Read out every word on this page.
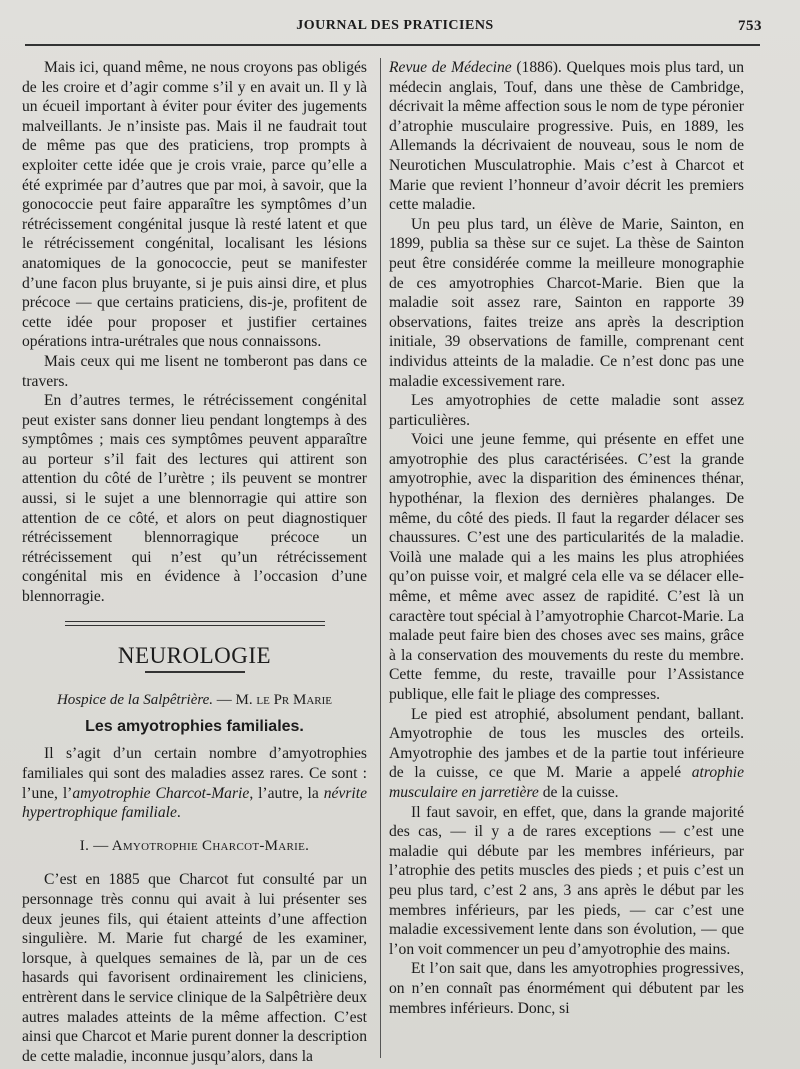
JOURNAL DES PRATICIENS	753

Mais ici, quand même, ne nous croyons pas obligés de les croire et d’agir comme s’il y en avait un. Il y là un écueil important à éviter pour éviter des jugements malveillants. Je n’insiste pas. Mais il ne faudrait tout de même pas que des praticiens, trop prompts à exploiter cette idée que je crois vraie, parce qu’elle a été exprimée par d’autres que par moi, à savoir, que la gonococcie peut faire apparaître les symptômes d’un rétrécissement congénital jusque là resté latent et que le rétrécissement congénital, localisant les lésions anatomiques de la gonococcie, peut se manifester d’une facon plus bruyante, si je puis ainsi dire, et plus précoce — que certains praticiens, dis-je, profitent de cette idée pour proposer et justifier certaines opérations intra-urétrales que nous connaissons.

Mais ceux qui me lisent ne tomberont pas dans ce travers.

En d’autres termes, le rétrécissement congénital peut exister sans donner lieu pendant longtemps à des symptômes ; mais ces symptômes peuvent apparaître au porteur s’il fait des lectures qui attirent son attention du côté de l’urètre ; ils peuvent se montrer aussi, si le sujet a une blennorragie qui attire son attention de ce côté, et alors on peut diagnostiquer rétrécissement blennorragique précoce un rétrécissement qui n’est qu’un rétrécissement congénital mis en évidence à l’occasion d’une blennorragie.

NEUROLOGIE
Hospice de la Salpêtrière. — M. le Pr Marie
Les amyotrophies familiales.

Il s’agit d’un certain nombre d’amyotrophies familiales qui sont des maladies assez rares. Ce sont : l’une, l’amyotrophie Charcot-Marie, l’autre, la névrite hypertrophique familiale.

I. — Amyotrophie Charcot-Marie.

C’est en 1885 que Charcot fut consulté par un personnage très connu qui avait à lui présenter ses deux jeunes fils, qui étaient atteints d’une affection singulière. M. Marie fut chargé de les examiner, lorsque, à quelques semaines de là, par un de ces hasards qui favorisent ordinairement les cliniciens, entrèrent dans le service clinique de la Salpêtrière deux autres malades atteints de la même affection. C’est ainsi que Charcot et Marie purent donner la description de cette maladie, inconnue jusqu’alors, dans la

Revue de Médecine (1886). Quelques mois plus tard, un médecin anglais, Touf, dans une thèse de Cambridge, décrivait la même affection sous le nom de type péronier d’atrophie musculaire progressive. Puis, en 1889, les Allemands la décrivaient de nouveau, sous le nom de Neurotichen Musculatrophie. Mais c’est à Charcot et Marie que revient l’honneur d’avoir décrit les premiers cette maladie.

Un peu plus tard, un élève de Marie, Sainton, en 1899, publia sa thèse sur ce sujet. La thèse de Sainton peut être considérée comme la meilleure monographie de ces amyotrophies Charcot-Marie. Bien que la maladie soit assez rare, Sainton en rapporte 39 observations, faites treize ans après la description initiale, 39 observations de famille, comprenant cent individus atteints de la maladie. Ce n’est donc pas une maladie excessivement rare.

Les amyotrophies de cette maladie sont assez particulières.

Voici une jeune femme, qui présente en effet une amyotrophie des plus caractérisées. C’est la grande amyotrophie, avec la disparition des éminences thénar, hypothénar, la flexion des dernières phalanges. De même, du côté des pieds. Il faut la regarder délacer ses chaussures. C’est une des particularités de la maladie. Voilà une malade qui a les mains les plus atrophiées qu’on puisse voir, et malgré cela elle va se délacer elle-même, et même avec assez de rapidité. C’est là un caractère tout spécial à l’amyotrophie Charcot-Marie. La malade peut faire bien des choses avec ses mains, grâce à la conservation des mouvements du reste du membre. Cette femme, du reste, travaille pour l’Assistance publique, elle fait le pliage des compresses.

Le pied est atrophié, absolument pendant, ballant. Amyotrophie de tous les muscles des orteils. Amyotrophie des jambes et de la partie tout inférieure de la cuisse, ce que M. Marie a appelé atrophie musculaire en jarretière de la cuisse.

Il faut savoir, en effet, que, dans la grande majorité des cas, — il y a de rares exceptions — c’est une maladie qui débute par les membres inférieurs, par l’atrophie des petits muscles des pieds ; et puis c’est un peu plus tard, c’est 2 ans, 3 ans après le début par les membres inférieurs, par les pieds, — car c’est une maladie excessivement lente dans son évolution, — que l’on voit commencer un peu d’amyotrophie des mains.

Et l’on sait que, dans les amyotrophies progressives, on n’en connaît pas énormément qui débutent par les membres inférieurs. Donc, si
